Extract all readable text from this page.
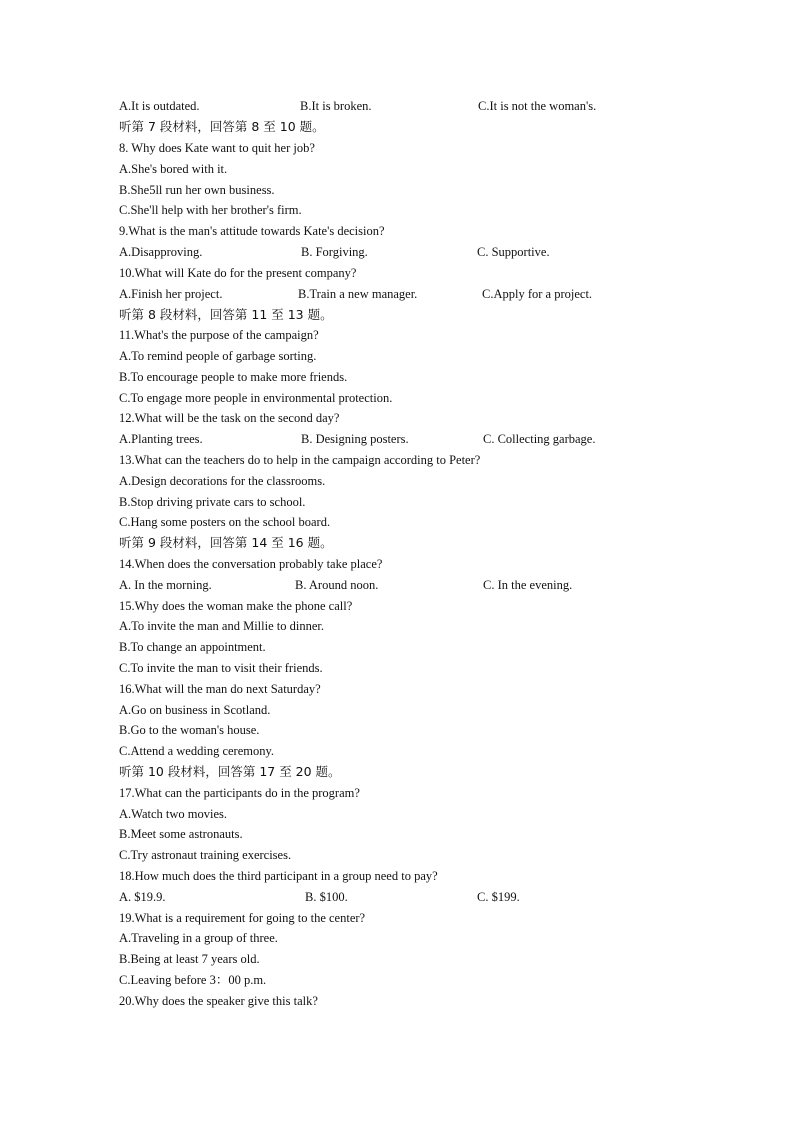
A.It is outdated.	B.It is broken.	C.It is not the woman's.
听第 7 段材料，回答第 8 至 10 题。
8. Why does Kate want to quit her job?
A.She's bored with it.
B.She5ll run her own business.
C.She'll help with her brother's firm.
9.What is the man's attitude towards Kate's decision?
A.Disapproving.	B. Forgiving.	C. Supportive.
10.What will Kate do for the present company?
A.Finish her project.	B.Train a new manager.	C.Apply for a project.
听第 8 段材料，回答第 11 至 13 题。
11.What's the purpose of the campaign?
A.To remind people of garbage sorting.
B.To encourage people to make more friends.
C.To engage more people in environmental protection.
12.What will be the task on the second day?
A.Planting trees.	B. Designing posters.	C. Collecting garbage.
13.What can the teachers do to help in the campaign according to Peter?
A.Design decorations for the classrooms.
B.Stop driving private cars to school.
C.Hang some posters on the school board.
听第 9 段材料，回答第 14 至 16 题。
14.When does the conversation probably take place?
A. In the morning.	B. Around noon.	C. In the evening.
15.Why does the woman make the phone call?
A.To invite the man and Millie to dinner.
B.To change an appointment.
C.To invite the man to visit their friends.
16.What will the man do next Saturday?
A.Go on business in Scotland.
B.Go to the woman's house.
C.Attend a wedding ceremony.
听第 10 段材料，回答第 17 至 20 题。
17.What can the participants do in the program?
A.Watch two movies.
B.Meet some astronauts.
C.Try astronaut training exercises.
18.How much does the third participant in a group need to pay?
A. $19.9.	B. $100.	C. $199.
19.What is a requirement for going to the center?
A.Traveling in a group of three.
B.Being at least 7 years old.
C.Leaving before 3：00 p.m.
20.Why does the speaker give this talk?
